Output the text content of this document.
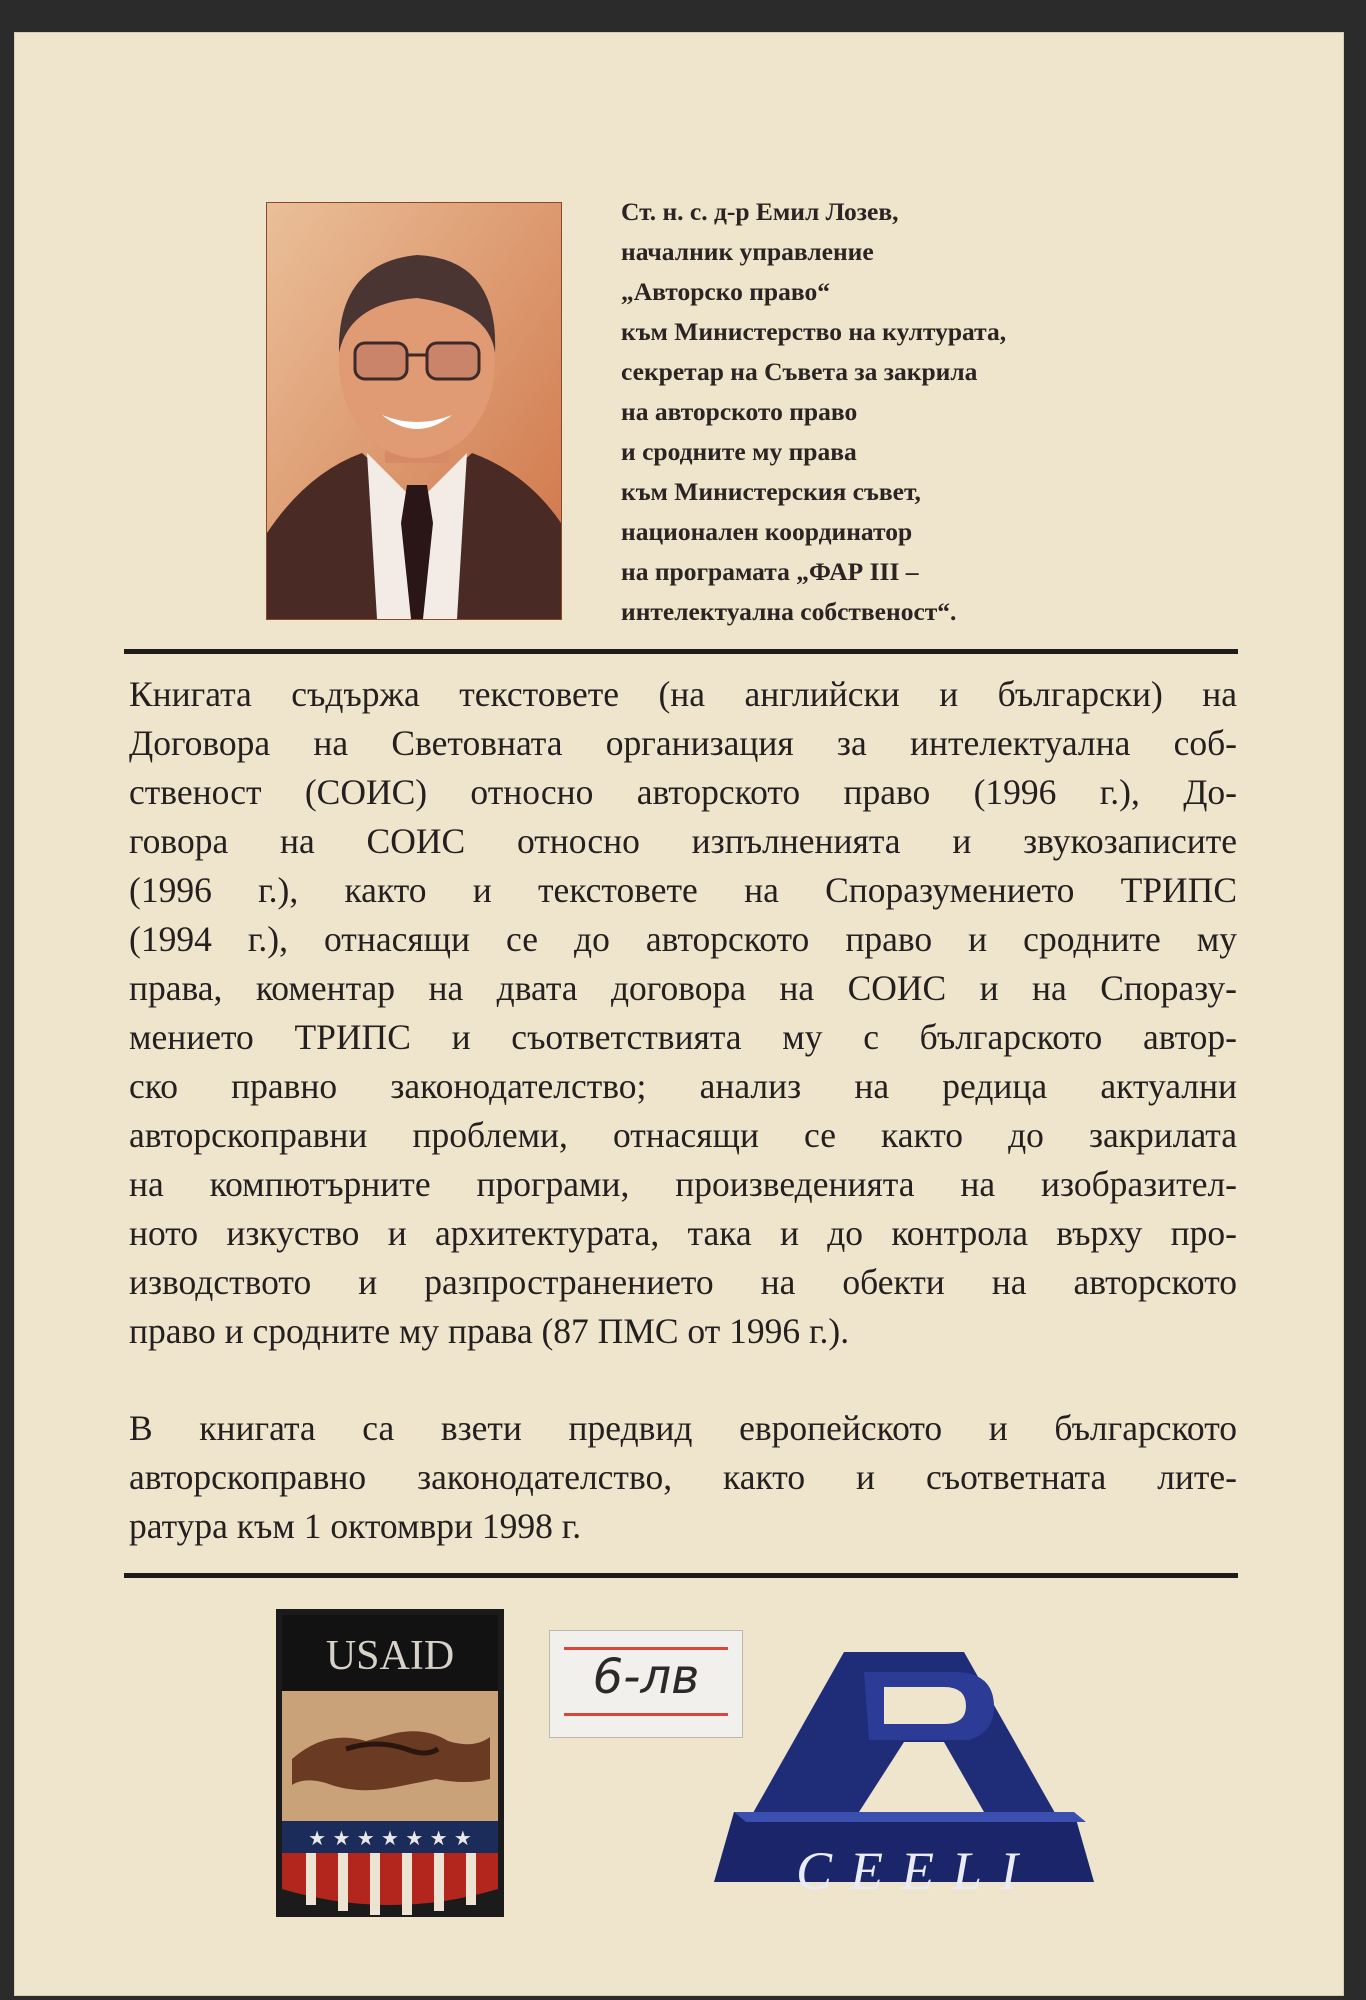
Ст. н. с. д-р Емил Лозев,
началник управление
„Авторско право“
към Министерство на културата,
секретар на Съвета за закрила
на авторското право
и сродните му права
към Министерския съвет,
национален координатор
на програмата „ФАР III –
интелектуална собственост“.
Книгата съдържа текстовете (на английски и български) на
Договора на Световната организация за интелектуална соб-
ственост (СОИС) относно авторското право (1996 г.), До-
говора на СОИС относно изпълненията и звукозаписите
(1996 г.), както и текстовете на Споразумението ТРИПС
(1994 г.), отнасящи се до авторското право и сродните му
права, коментар на двата договора на СОИС и на Споразу-
мението ТРИПС и съответствията му с българското автор-
ско правно законодателство; анализ на редица актуални
авторскоправни проблеми, отнасящи се както до закрилата
на компютърните програми, произведенията на изобразител-
ното изкуство и архитектурата, така и до контрола върху про-
изводството и разпространението на обекти на авторското
право и сродните му права (87 ПМС от 1996 г.).
В книгата са взети предвид европейското и българското
авторскоправно законодателство, както и съответната лите-
ратура към 1 октомври 1998 г.
USAID
★ ★ ★ ★ ★ ★ ★
6-лв
CEELI
